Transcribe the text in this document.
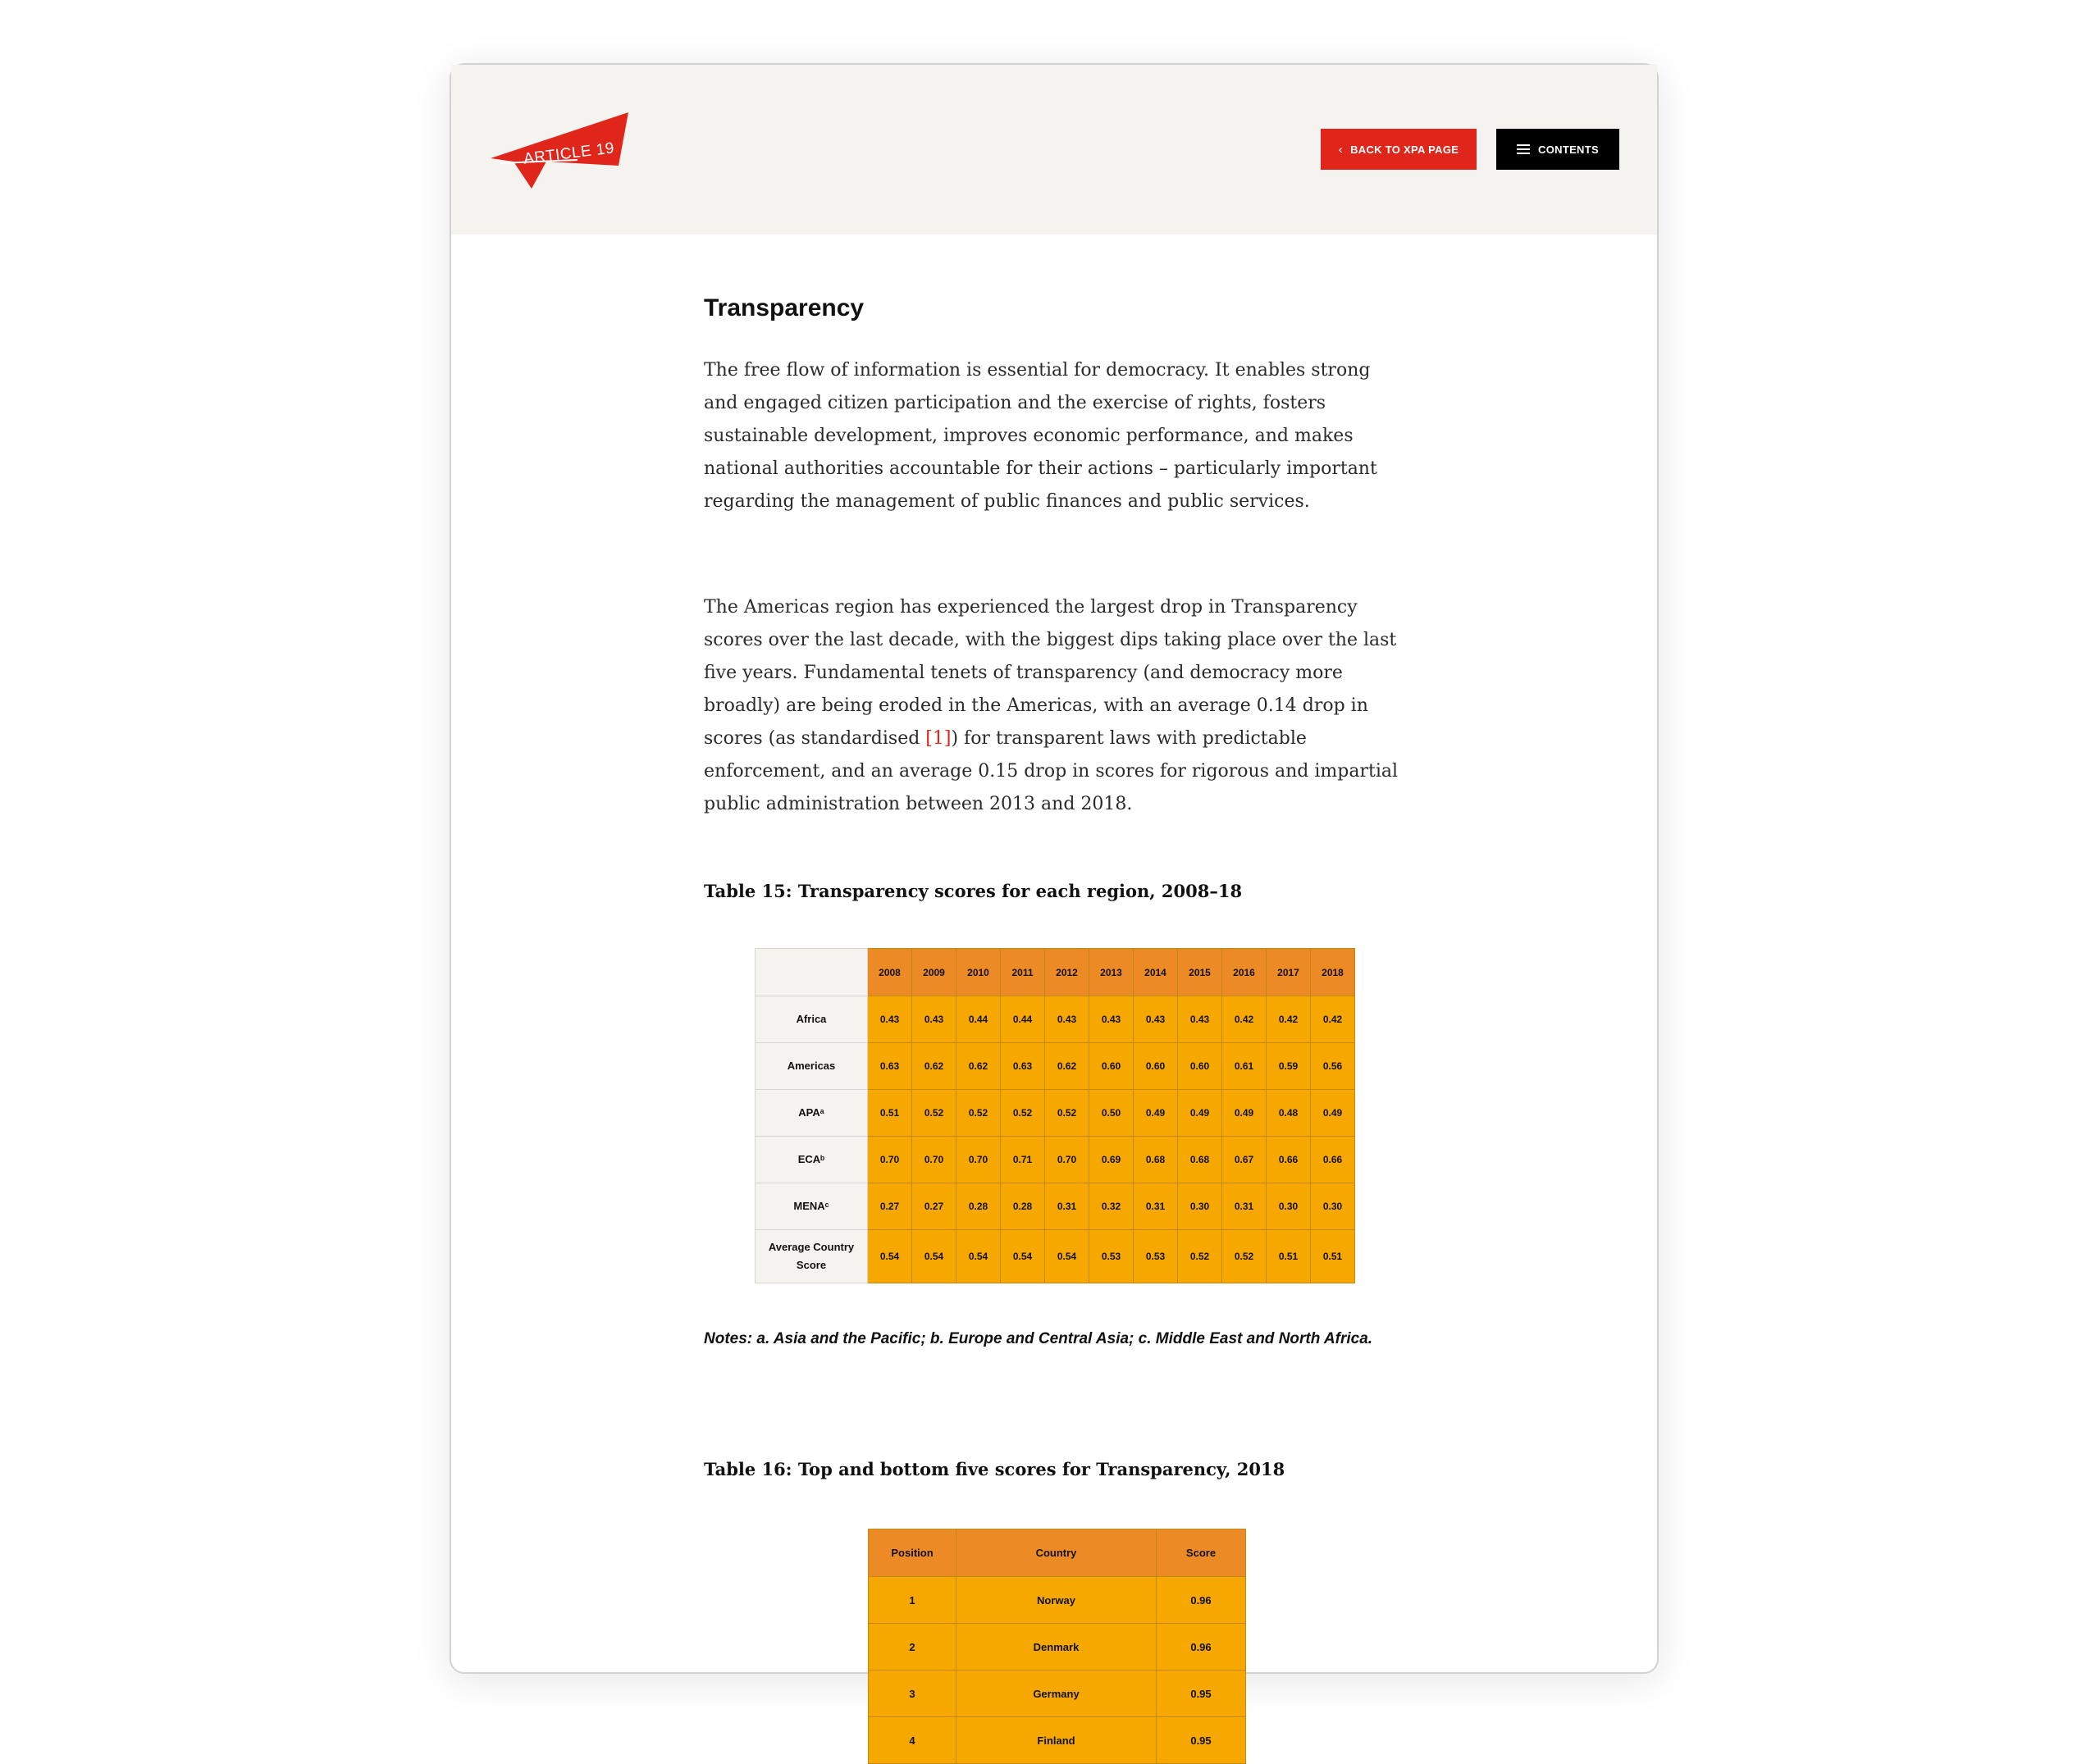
ARTICLE 19	‹ BACK TO XPA PAGE	CONTENTS
Transparency

The free flow of information is essential for democracy. It enables strong and engaged citizen participation and the exercise of rights, fosters sustainable development, improves economic performance, and makes national authorities accountable for their actions – particularly important regarding the management of public finances and public services.

The Americas region has experienced the largest drop in Transparency scores over the last decade, with the biggest dips taking place over the last five years. Fundamental tenets of transparency (and democracy more broadly) are being eroded in the Americas, with an average 0.14 drop in scores (as standardised [1]) for transparent laws with predictable enforcement, and an average 0.15 drop in scores for rigorous and impartial public administration between 2013 and 2018.

Table 15: Transparency scores for each region, 2008–18

	2008	2009	2010	2011	2012	2013	2014	2015	2016	2017	2018
Africa	0.43	0.43	0.44	0.44	0.43	0.43	0.43	0.43	0.42	0.42	0.42
Americas	0.63	0.62	0.62	0.63	0.62	0.60	0.60	0.60	0.61	0.59	0.56
APAᵃ	0.51	0.52	0.52	0.52	0.52	0.50	0.49	0.49	0.49	0.48	0.49
ECAᵇ	0.70	0.70	0.70	0.71	0.70	0.69	0.68	0.68	0.67	0.66	0.66
MENAᶜ	0.27	0.27	0.28	0.28	0.31	0.32	0.31	0.30	0.31	0.30	0.30
Average Country Score	0.54	0.54	0.54	0.54	0.54	0.53	0.53	0.52	0.52	0.51	0.51

Notes: a. Asia and the Pacific; b. Europe and Central Asia; c. Middle East and North Africa.

Table 16: Top and bottom five scores for Transparency, 2018

Position	Country	Score
1	Norway	0.96
2	Denmark	0.96
3	Germany	0.95
4	Finland	0.95
